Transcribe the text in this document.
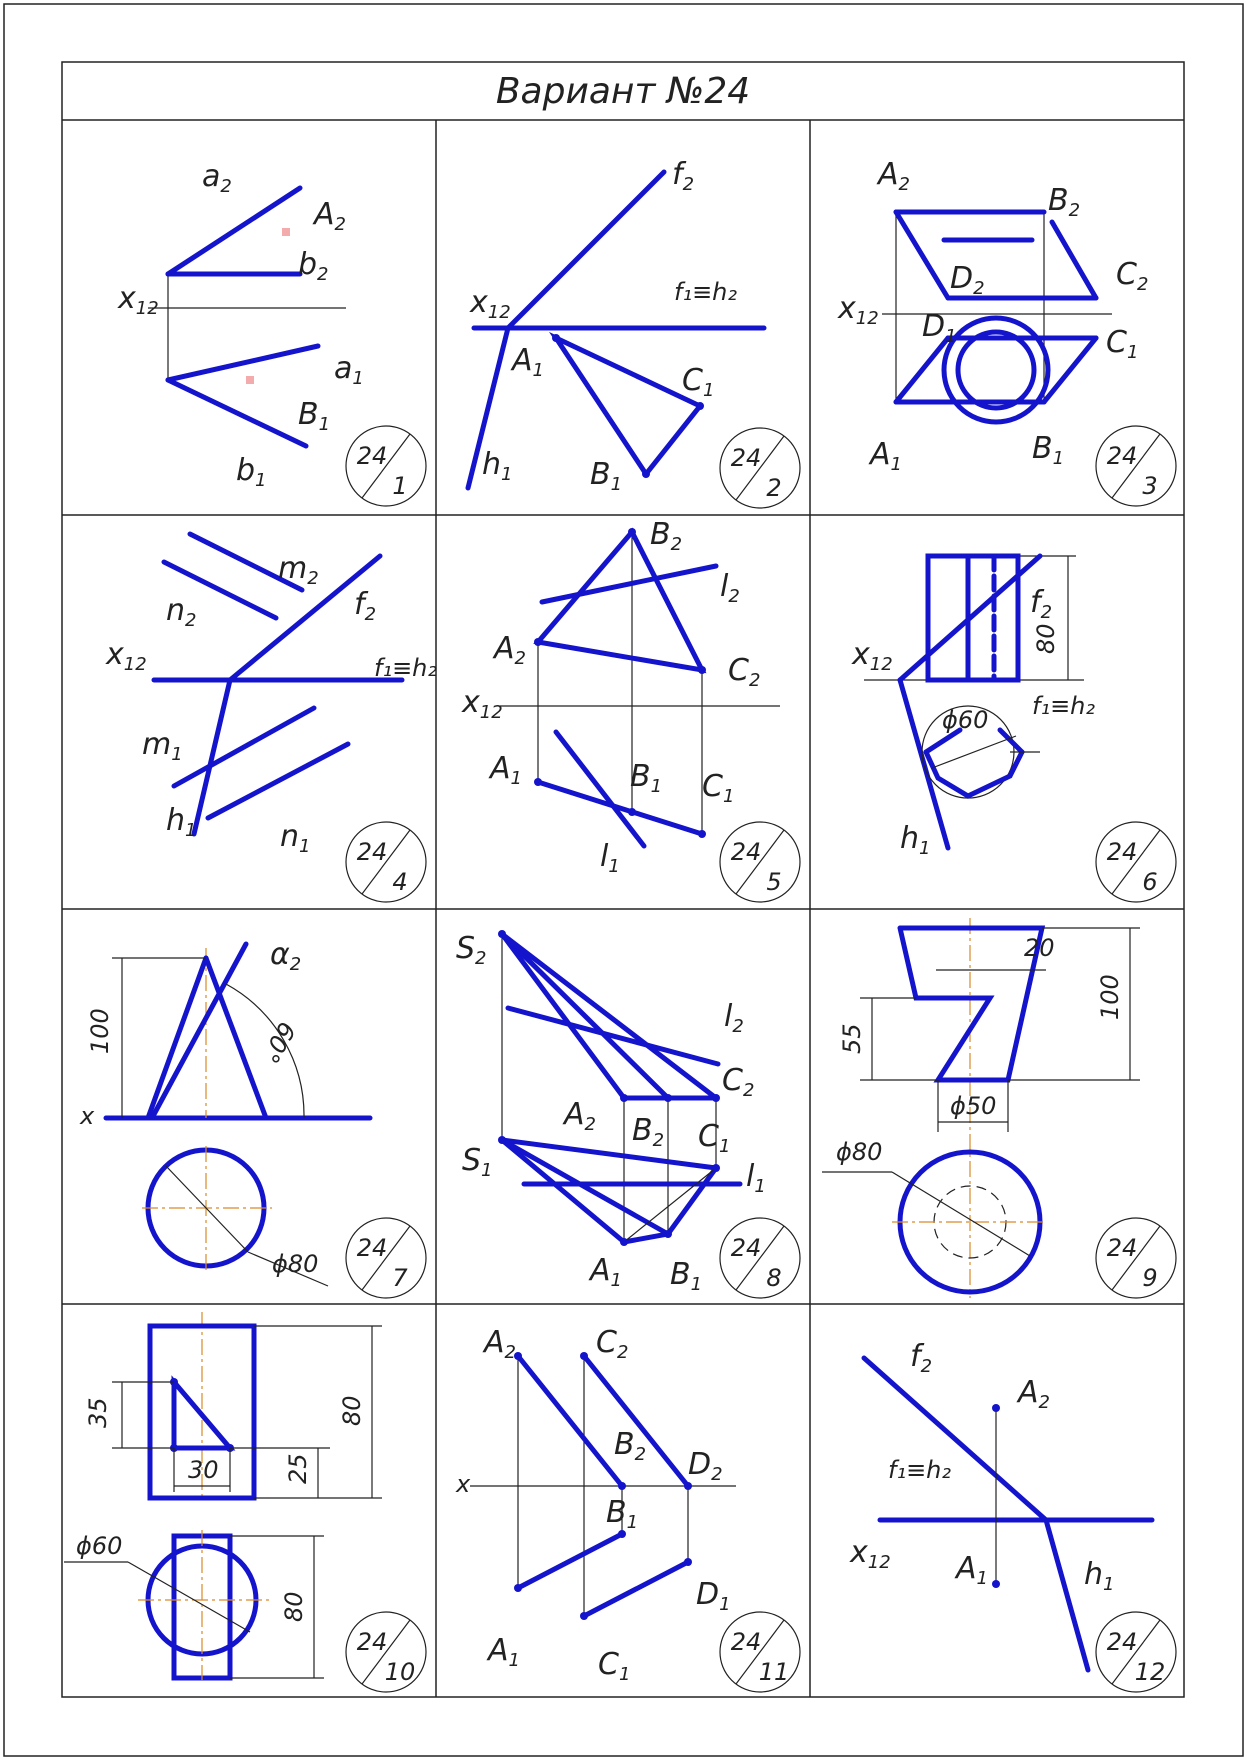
Вариант №24
$a_2$
$A_2$
$b_2$
$x_{12}$
$a_1$
$B_1$
$b_1$
24
1
$f_2$
$x_{12}$
f₁≡h₂
$A_1$	$C_1$
$h_1$	$B_1$
24
2
$A_2$	$B_2$
$D_2$	$C_2$
$x_{12}$ $D_1$	$C_1$
$A_1$	$B_1$ 24
3
$m_2$
$n_2$	$f_2$
$x_{12}$	f₁≡h₂
$m_1$
$h_1$	$n_1$ 24
4
$B_2$
$l_2$
$A_2$	$C_2$
$x_{12}$
$A_1$	$B_1$ $C_1$
$l_1$
24
5
$f_2$
80
$x_{12}$
f₁≡h₂
ϕ60
$h_1$	24
6
$\alpha_2$
100	60°
x
ϕ80
24
7
$S_2$
$l_2$
$C_2$
$A_2$ $B_2$ $C_1$
$S_1$	$l_1$
$A_1$ $B_1$
24
8
20
100
55
ϕ50
ϕ80
24
9
35	80
30	25
ϕ60
80
24
10
$A_2$	$C_2$
$B_2$ $D_2$
x
$B_1$
$D_1$
$A_1$	$C_1$
24
11
$f_2$
$A_2$
f₁≡h₂
$x_{12}$ $A_1$	$h_1$
24
12
